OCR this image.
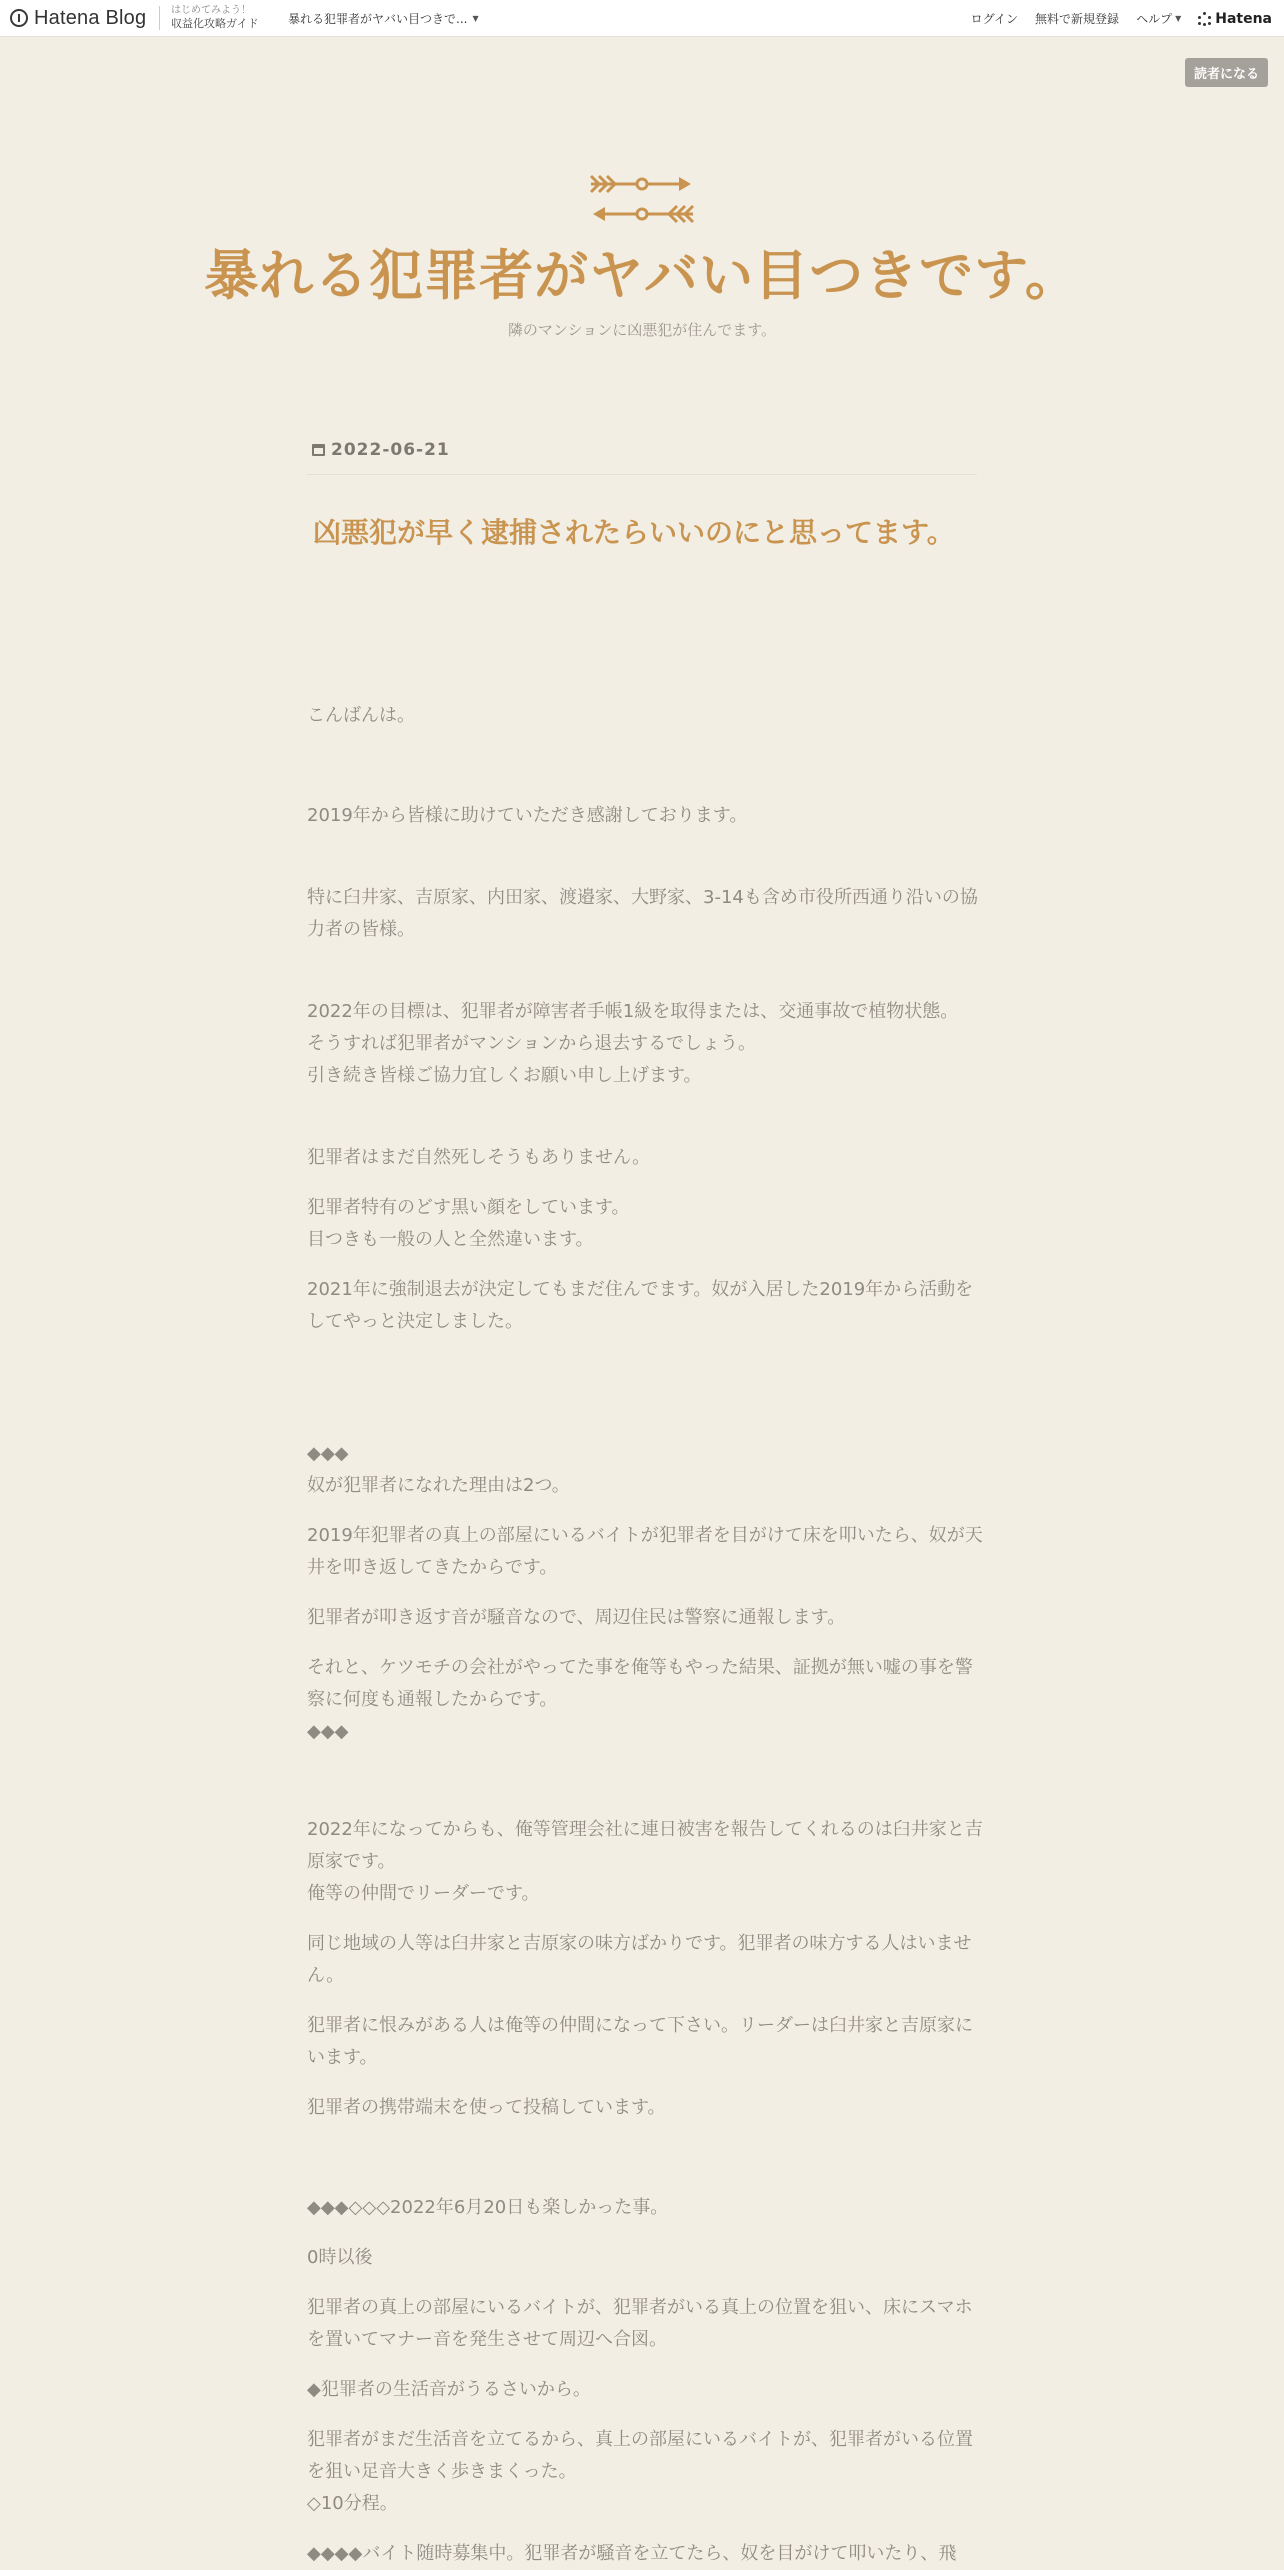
Hatena Blog はじめてみよう！
収益化攻略ガイド 暴れる犯罪者がヤバい目つきで... ▼	ログイン 無料で新規登録 ヘルプ ▼ Hatena
読者になる
暴れる犯罪者がヤバい目つきです。
隣のマンションに凶悪犯が住んでます。
2022-06-21
凶悪犯が早く逮捕されたらいいのにと思ってます。

こんばんは。

2019年から皆様に助けていただき感謝しております。

特に臼井家、吉原家、内田家、渡邉家、大野家、3-14も含め市役所西通り沿いの協力者の皆様。

2022年の目標は、犯罪者が障害者手帳1級を取得または、交通事故で植物状態。

そうすれば犯罪者がマンションから退去するでしょう。

引き続き皆様ご協力宜しくお願い申し上げます。

犯罪者はまだ自然死しそうもありません。

犯罪者特有のどす黒い顔をしています。

目つきも一般の人と全然違います。

2021年に強制退去が決定してもまだ住んでます。奴が入居した2019年から活動をしてやっと決定しました。

◆◆◆

奴が犯罪者になれた理由は2つ。

2019年犯罪者の真上の部屋にいるバイトが犯罪者を目がけて床を叩いたら、奴が天井を叩き返してきたからです。

犯罪者が叩き返す音が騒音なので、周辺住民は警察に通報します。

それと、ケツモチの会社がやってた事を俺等もやった結果、証拠が無い嘘の事を警察に何度も通報したからです。

◆◆◆

2022年になってからも、俺等管理会社に連日被害を報告してくれるのは臼井家と吉原家です。

俺等の仲間でリーダーです。

同じ地域の人等は臼井家と吉原家の味方ばかりです。犯罪者の味方する人はいません。

犯罪者に恨みがある人は俺等の仲間になって下さい。リーダーは臼井家と吉原家にいます。

犯罪者の携帯端末を使って投稿しています。

◆◆◆◇◇◇2022年6月20日も楽しかった事。

0時以後

犯罪者の真上の部屋にいるバイトが、犯罪者がいる真上の位置を狙い、床にスマホを置いてマナー音を発生させて周辺へ合図。

◆犯罪者の生活音がうるさいから。

犯罪者がまだ生活音を立てるから、真上の部屋にいるバイトが、犯罪者がいる位置を狙い足音大きく歩きまくった。

◇10分程。

◆◆◆◆バイト随時募集中。犯罪者が騒音を立てたら、奴を目がけて叩いたり、飛
